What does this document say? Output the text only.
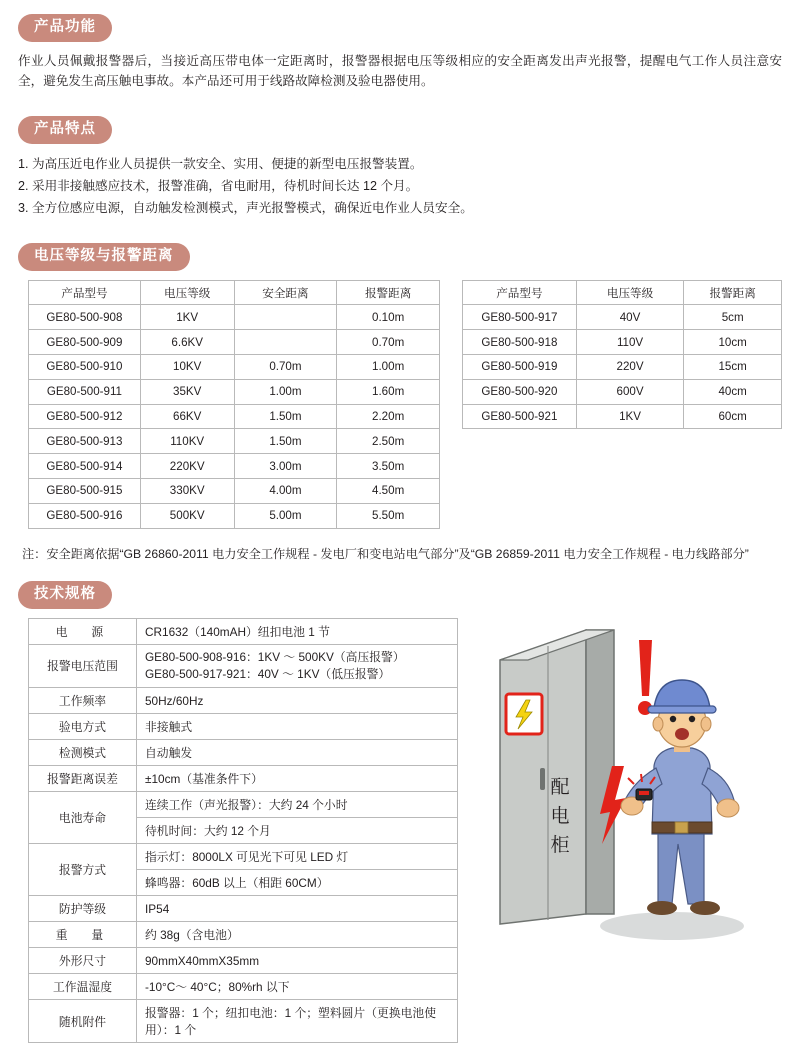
产品功能

作业人员佩戴报警器后，当接近高压带电体一定距离时，报警器根据电压等级相应的安全距离发出声光报警，提醒电气工作人员注意安全，避免发生高压触电事故。本产品还可用于线路故障检测及验电器使用。

产品特点
1. 为高压近电作业人员提供一款安全、实用、便捷的新型电压报警装置。
2. 采用非接触感应技术，报警准确，省电耐用，待机时间长达 12 个月。
3. 全方位感应电源，自动触发检测模式，声光报警模式，确保近电作业人员安全。
电压等级与报警距离
产品型号	电压等级	安全距离	报警距离
GE80-500-908	1KV		0.10m
GE80-500-909	6.6KV		0.70m
GE80-500-910	10KV	0.70m	1.00m
GE80-500-911	35KV	1.00m	1.60m
GE80-500-912	66KV	1.50m	2.20m
GE80-500-913	110KV	1.50m	2.50m
GE80-500-914	220KV	3.00m	3.50m
GE80-500-915	330KV	4.00m	4.50m
GE80-500-916	500KV	5.00m	5.50m
产品型号	电压等级	报警距离
GE80-500-917	40V	5cm
GE80-500-918	110V	10cm
GE80-500-919	220V	15cm
GE80-500-920	600V	40cm
GE80-500-921	1KV	60cm
注：安全距离依据“GB 26860-2011 电力安全工作规程 - 发电厂和变电站电气部分”及“GB 26859-2011 电力安全工作规程 - 电力线路部分”
技术规格
电　源	CR1632（140mAH）纽扣电池 1 节
报警电压范围	GE80-500-908-916：1KV ～ 500KV（高压报警）
GE80-500-917-921：40V ～ 1KV（低压报警）

工作频率	50Hz/60Hz
验电方式	非接触式
检测模式	自动触发
报警距离误差	±10cm（基准条件下）
电池寿命	连续工作（声光报警）：大约 24 个小时
	待机时间：大约 12 个月
报警方式	指示灯：8000LX 可见光下可见 LED 灯
	蜂鸣器：60dB 以上（相距 60CM）
防护等级	IP54
重　量	约 38g（含电池）
外形尺寸	90mmX40mmX35mm
工作温湿度	-10°C～ 40°C；80%rh 以下
随机附件	报警器：1 个；纽扣电池：1 个；塑料圆片（更换电池使用）：1 个
配
电
柜
